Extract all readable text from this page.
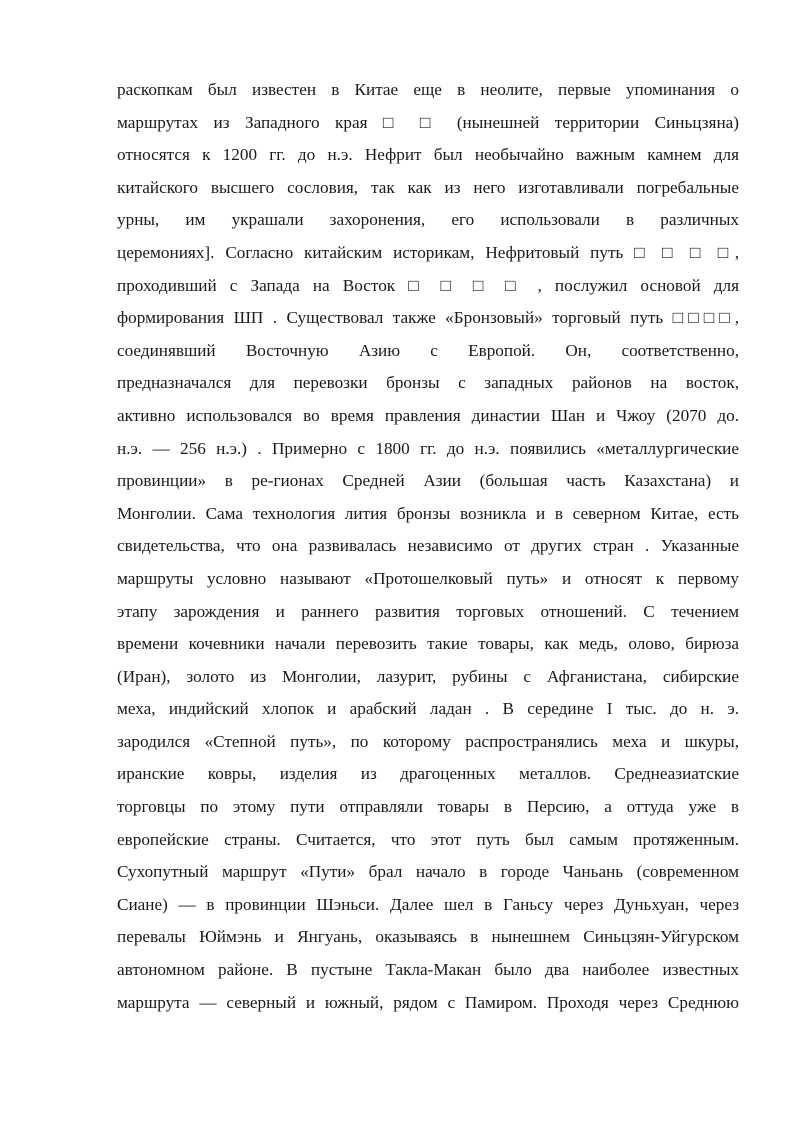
раскопкам был известен в Китае еще в неолите, первые упоминания о
маршрутах из Западного края □ □ (нынешней территории Синьцзяна)
относятся к 1200 гг. до н.э. Нефрит был необычайно важным камнем для
китайского высшего сословия, так как из него изготавливали погребальные
урны, им украшали захоронения, его использовали в различных
церемониях]. Согласно китайским историкам, Нефритовый путь □ □ □ □,
проходивший с Запада на Восток □ □ □ □ , послужил основой для
формирования ШП . Существовал также «Бронзовый» торговый путь □□□□,
соединявший Восточную Азию с Европой. Он, соответственно,
предназначался для перевозки бронзы с западных районов на восток,
активно использовался во время правления династии Шан и Чжоу (2070 до.
н.э. — 256 н.э.) . Примерно с 1800 гг. до н.э. появились «металлургические
провинции» в ре-гионах Средней Азии (большая часть Казахстана) и
Монголии. Сама технология лития бронзы возникла и в северном Китае, есть
свидетельства, что она развивалась независимо от других стран . Указанные
маршруты условно называют «Протошелковый путь» и относят к первому
этапу зарождения и раннего развития торговых отношений. С течением
времени кочевники начали перевозить такие товары, как медь, олово, бирюза
(Иран), золото из Монголии, лазурит, рубины с Афганистана, сибирские
меха, индийский хлопок и арабский ладан . В середине I тыс. до н. э.
зародился «Степной путь», по которому распространялись меха и шкуры,
иранские ковры, изделия из драгоценных металлов. Среднеазиатские
торговцы по этому пути отправляли товары в Персию, а оттуда уже в
европейские страны. Считается, что этот путь был самым протяженным.
Сухопутный маршрут «Пути» брал начало в городе Чаньань (современном
Сиане) — в провинции Шэньси. Далее шел в Ганьсу через Дуньхуан, через
перевалы Юймэнь и Янгуань, оказываясь в нынешнем Синьцзян-Уйгурском
автономном районе. В пустыне Такла-Макан было два наиболее известных
маршрута — северный и южный, рядом с Памиром. Проходя через Среднюю
